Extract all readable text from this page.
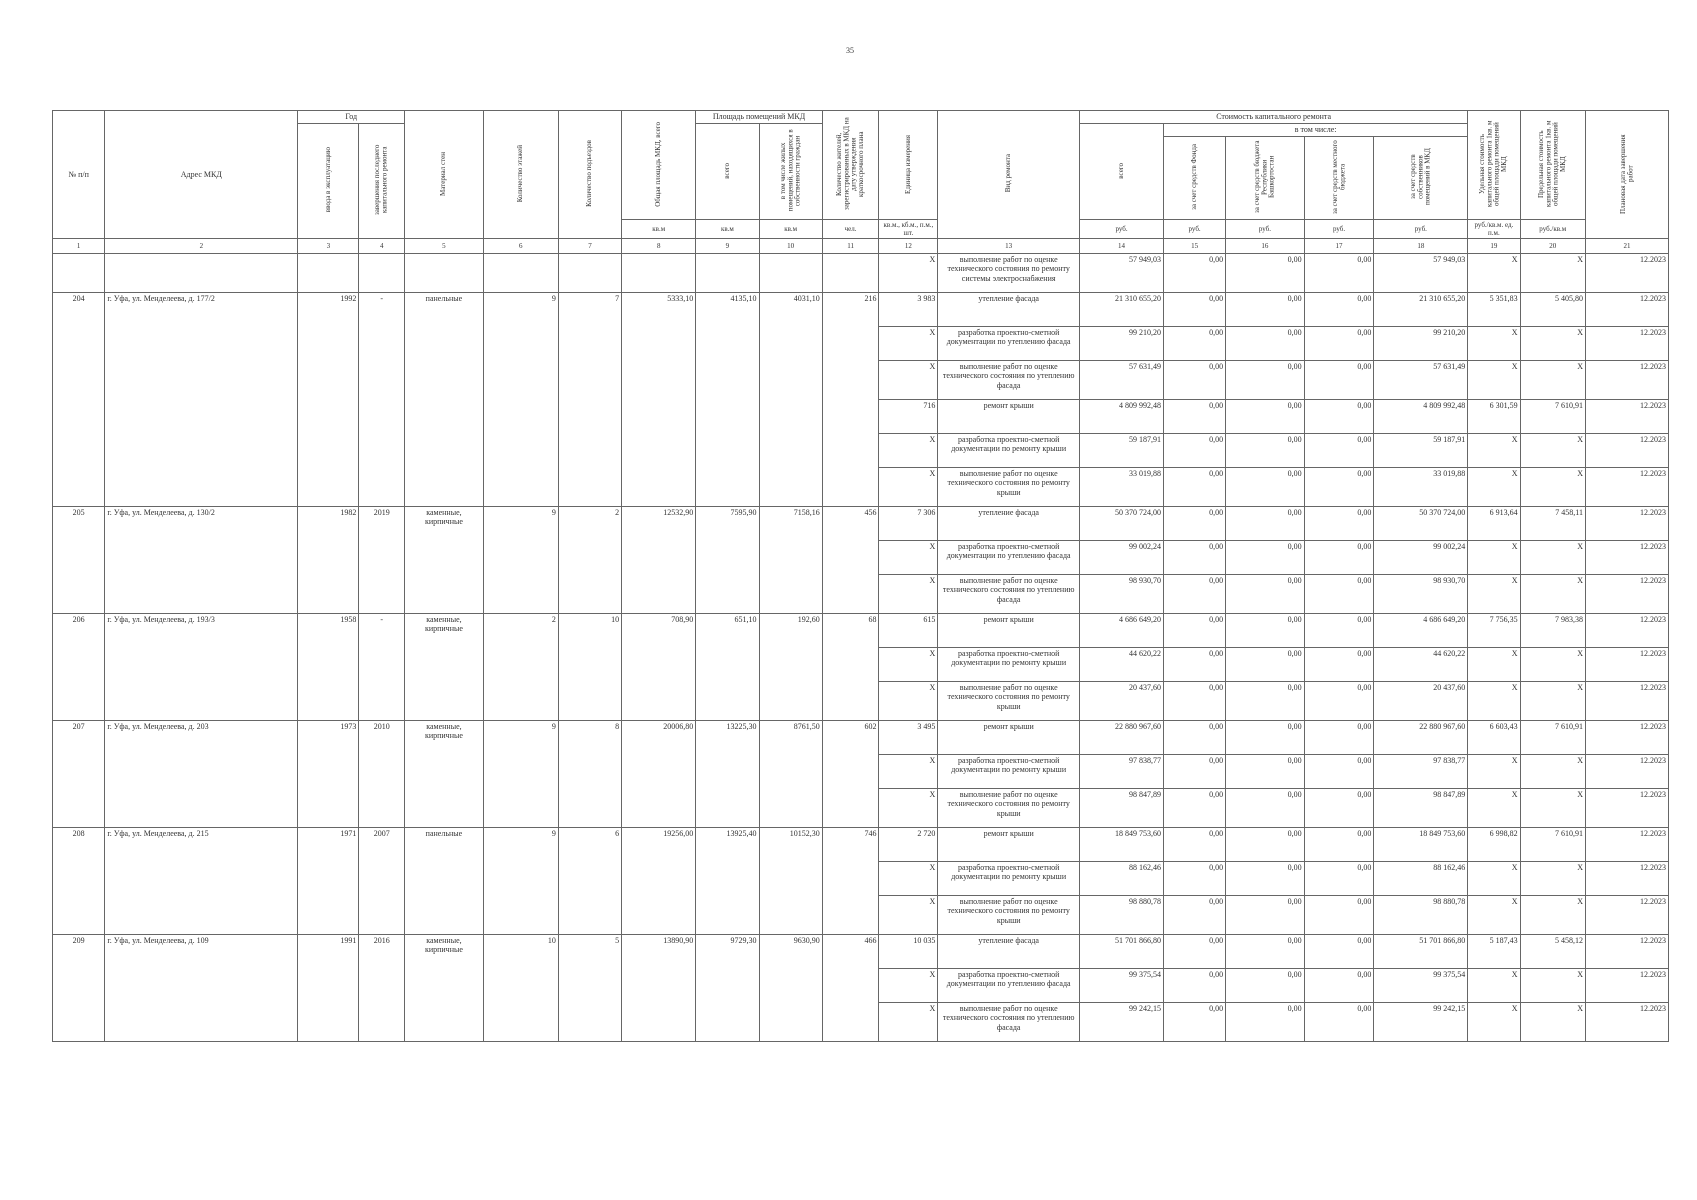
35
№ п/п	Адрес МКД	Год		Материал стен	Количество этажей	Количество подъездов	Общая площадь МКД, всего	Площадь помещений МКД		Количество жителей, зарегистрированных в МКД на дату утверждения краткосрочного плана	Единица измерения	Вид ремонта	Стоимость капитального ремонта					Удельная стоимость капитального ремонта 1кв. м общей площади помещений МКД	Предельная стоимость капитального ремонта 1кв. м общей площади помещений МКД	Плановая дата завершения работ
		ввода в эксплуатацию	завершения последнего капитального ремонта					всего	в том числе жилых помещений, находящихся в собственности граждан				всего	в том числе:						
														за счет средств Фонда	за счет средств бюджета Республики Башкортостан	за счет средств местного бюджета	за счет средств собственников помещений в МКД			
							кв.м	кв.м	кв.м	чел.	кв.м., кб.м., п.м., шт.		руб.	руб.	руб.	руб.	руб.	руб./кв.м. ед. п.м.	руб./кв.м	
1	2	3	4	5	6	7	8	9	10	11	12	13	14	15	16	17	18	19	20	21
											X	выполнение работ по оценке технического состояния по ремонту системы электроснабжения	57 949,03	0,00	0,00	0,00	57 949,03	X	X	12.2023
204	г. Уфа, ул. Менделеева, д. 177/2	1992	-	панельные	9	7	5333,10	4135,10	4031,10	216	3 983	утепление фасада	21 310 655,20	0,00	0,00	0,00	21 310 655,20	5 351,83	5 405,80	12.2023
											X	разработка проектно-сметной документации по утеплению фасада	99 210,20	0,00	0,00	0,00	99 210,20	X	X	12.2023
											X	выполнение работ по оценке технического состояния по утеплению фасада	57 631,49	0,00	0,00	0,00	57 631,49	X	X	12.2023
											716	ремонт крыши	4 809 992,48	0,00	0,00	0,00	4 809 992,48	6 301,59	7 610,91	12.2023
											X	разработка проектно-сметной документации по ремонту крыши	59 187,91	0,00	0,00	0,00	59 187,91	X	X	12.2023
											X	выполнение работ по оценке технического состояния по ремонту крыши	33 019,88	0,00	0,00	0,00	33 019,88	X	X	12.2023
205	г. Уфа, ул. Менделеева, д. 130/2	1982	2019	каменные, кирпичные	9	2	12532,90	7595,90	7158,16	456	7 306	утепление фасада	50 370 724,00	0,00	0,00	0,00	50 370 724,00	6 913,64	7 458,11	12.2023
											X	разработка проектно-сметной документации по утеплению фасада	99 002,24	0,00	0,00	0,00	99 002,24	X	X	12.2023
											X	выполнение работ по оценке технического состояния по утеплению фасада	98 930,70	0,00	0,00	0,00	98 930,70	X	X	12.2023
206	г. Уфа, ул. Менделеева, д. 193/3	1958	-	каменные, кирпичные	2	10	708,90	651,10	192,60	68	615	ремонт крыши	4 686 649,20	0,00	0,00	0,00	4 686 649,20	7 756,35	7 983,38	12.2023
											X	разработка проектно-сметной документации по ремонту крыши	44 620,22	0,00	0,00	0,00	44 620,22	X	X	12.2023
											X	выполнение работ по оценке технического состояния по ремонту крыши	20 437,60	0,00	0,00	0,00	20 437,60	X	X	12.2023
207	г. Уфа, ул. Менделеева, д. 203	1973	2010	каменные, кирпичные	9	8	20006,80	13225,30	8761,50	602	3 495	ремонт крыши	22 880 967,60	0,00	0,00	0,00	22 880 967,60	6 603,43	7 610,91	12.2023
											X	разработка проектно-сметной документации по ремонту крыши	97 838,77	0,00	0,00	0,00	97 838,77	X	X	12.2023
											X	выполнение работ по оценке технического состояния по ремонту крыши	98 847,89	0,00	0,00	0,00	98 847,89	X	X	12.2023
208	г. Уфа, ул. Менделеева, д. 215	1971	2007	панельные	9	6	19256,00	13925,40	10152,30	746	2 720	ремонт крыши	18 849 753,60	0,00	0,00	0,00	18 849 753,60	6 998,82	7 610,91	12.2023
											X	разработка проектно-сметной документации по ремонту крыши	88 162,46	0,00	0,00	0,00	88 162,46	X	X	12.2023
											X	выполнение работ по оценке технического состояния по ремонту крыши	98 880,78	0,00	0,00	0,00	98 880,78	X	X	12.2023
209	г. Уфа, ул. Менделеева, д. 109	1991	2016	каменные, кирпичные	10	5	13890,90	9729,30	9630,90	466	10 035	утепление фасада	51 701 866,80	0,00	0,00	0,00	51 701 866,80	5 187,43	5 458,12	12.2023
											X	разработка проектно-сметной документации по утеплению фасада	99 375,54	0,00	0,00	0,00	99 375,54	X	X	12.2023
											X	выполнение работ по оценке технического состояния по утеплению фасада	99 242,15	0,00	0,00	0,00	99 242,15	X	X	12.2023
